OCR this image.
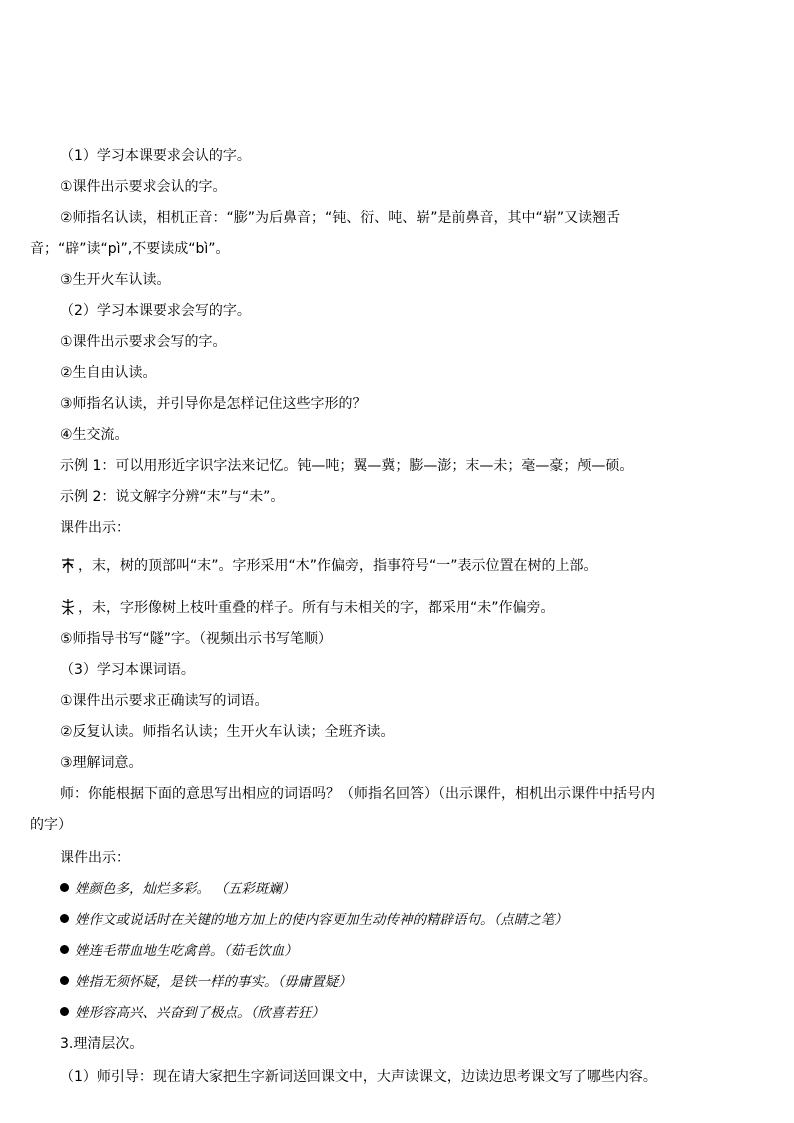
（1）学习本课要求会认的字。
①课件出示要求会认的字。
②师指名认读，相机正音：“膨”为后鼻音；“钝、衍、吨、崭”是前鼻音，其中“崭”又读翘舌
音；“辟”读“pì”,不要读成“bì”。
③生开火车认读。
（2）学习本课要求会写的字。
①课件出示要求会写的字。
②生自由认读。
③师指名认读，并引导你是怎样记住这些字形的？
④生交流。
示例 1：可以用形近字识字法来记忆。钝—吨；翼—冀；膨—澎；末—未；毫—豪；颅—硕。
示例 2：说文解字分辨“末”与“未”。
课件出示：
，末，树的顶部叫“末”。字形采用“木”作偏旁，指事符号“一”表示位置在树的上部。
，未，字形像树上枝叶重叠的样子。所有与未相关的字，都采用“未”作偏旁。
⑤师指导书写“隧”字。（视频出示书写笔顺）
（3）学习本课词语。
①课件出示要求正确读写的词语。
②反复认读。师指名认读；生开火车认读；全班齐读。
③理解词意。
师：你能根据下面的意思写出相应的词语吗？（师指名回答）（出示课件，相机出示课件中括号内
的字）
课件出示：
㛗颜色多，灿烂多彩。 （五彩斑斓）
㛗作文或说话时在关键的地方加上的使内容更加生动传神的精辟语句。（点睛之笔）
㛗连毛带血地生吃禽兽。（茹毛饮血）
㛗指无须怀疑，是铁一样的事实。（毋庸置疑）
㛗形容高兴、兴奋到了极点。（欣喜若狂）
3.理清层次。
（1）师引导：现在请大家把生字新词送回课文中，大声读课文，边读边思考课文写了哪些内容。
